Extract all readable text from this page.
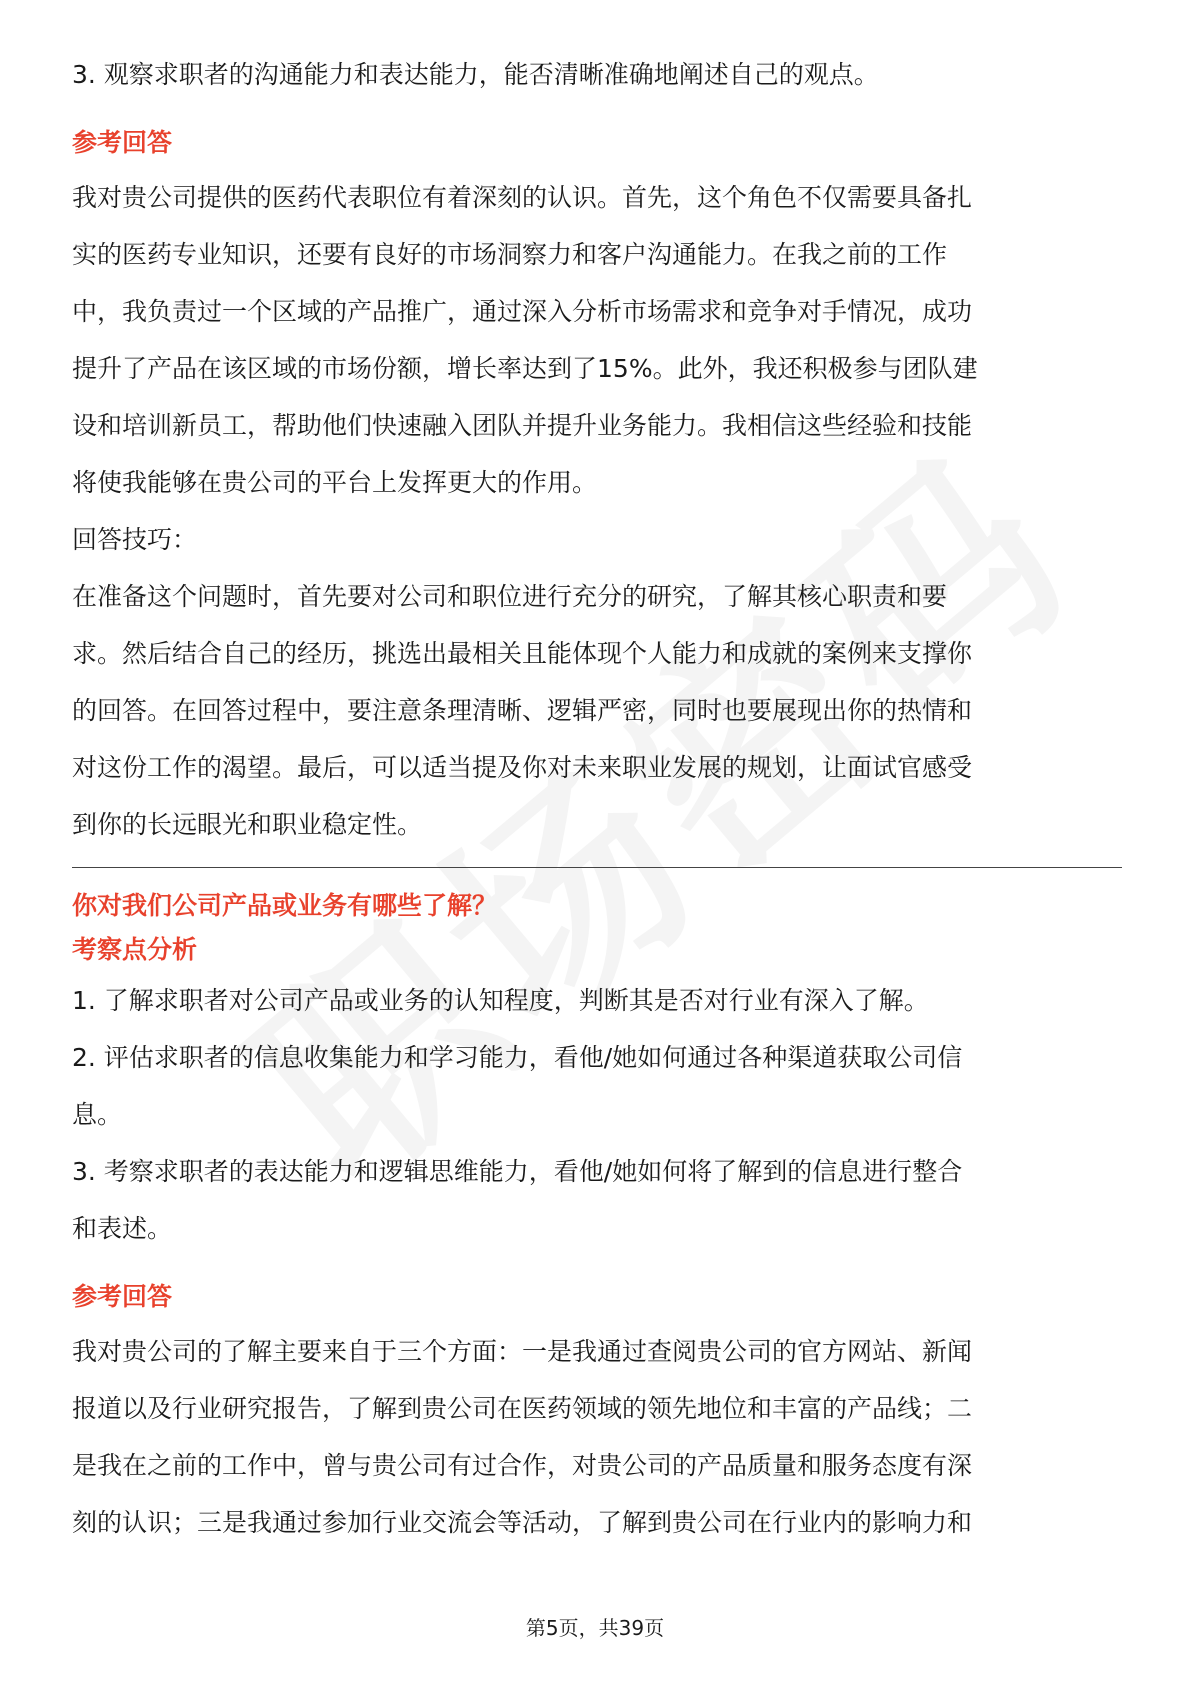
3. 观察求职者的沟通能力和表达能力，能否清晰准确地阐述自己的观点。

参考回答

我对贵公司提供的医药代表职位有着深刻的认识。首先，这个角色不仅需要具备扎

实的医药专业知识，还要有良好的市场洞察力和客户沟通能力。在我之前的工作

中，我负责过一个区域的产品推广，通过深入分析市场需求和竞争对手情况，成功

提升了产品在该区域的市场份额，增长率达到了15%。此外，我还积极参与团队建

设和培训新员工，帮助他们快速融入团队并提升业务能力。我相信这些经验和技能

将使我能够在贵公司的平台上发挥更大的作用。

回答技巧：

在准备这个问题时，首先要对公司和职位进行充分的研究，了解其核心职责和要

求。然后结合自己的经历，挑选出最相关且能体现个人能力和成就的案例来支撑你

的回答。在回答过程中，要注意条理清晰、逻辑严密，同时也要展现出你的热情和

对这份工作的渴望。最后，可以适当提及你对未来职业发展的规划，让面试官感受

到你的长远眼光和职业稳定性。

你对我们公司产品或业务有哪些了解？

考察点分析

1. 了解求职者对公司产品或业务的认知程度，判断其是否对行业有深入了解。

2. 评估求职者的信息收集能力和学习能力，看他/她如何通过各种渠道获取公司信

息。

3. 考察求职者的表达能力和逻辑思维能力，看他/她如何将了解到的信息进行整合

和表述。

参考回答

我对贵公司的了解主要来自于三个方面：一是我通过查阅贵公司的官方网站、新闻

报道以及行业研究报告，了解到贵公司在医药领域的领先地位和丰富的产品线；二

是我在之前的工作中，曾与贵公司有过合作，对贵公司的产品质量和服务态度有深

刻的认识；三是我通过参加行业交流会等活动，了解到贵公司在行业内的影响力和

第5页，共39页
